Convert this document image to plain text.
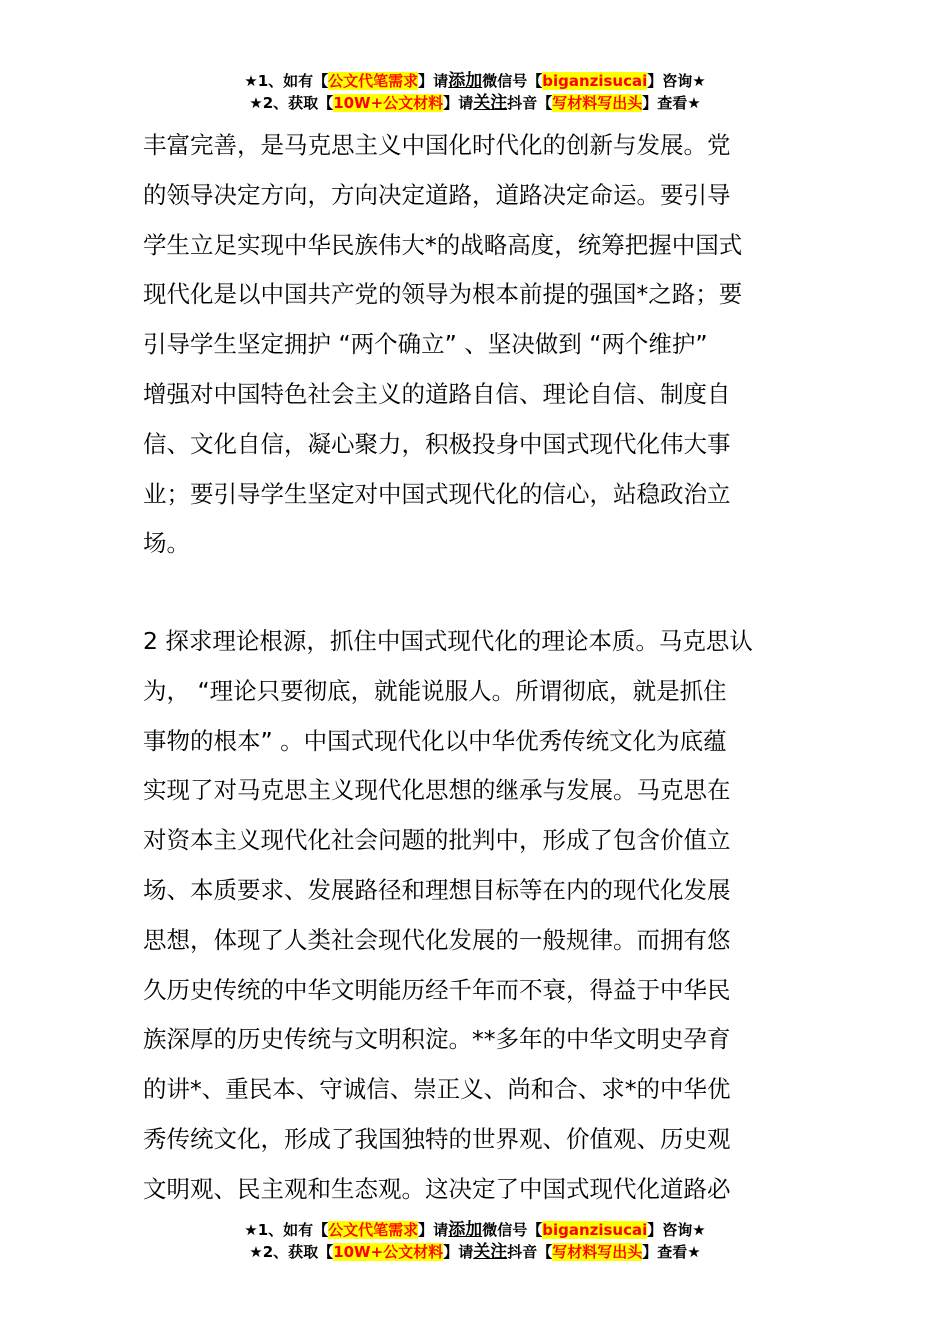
★1、如有【公文代笔需求】请添加微信号【biganzisucai】咨询★
★2、获取【10W+公文材料】请关注抖音【写材料写出头】查看★
丰富完善，是马克思主义中国化时代化的创新与发展。党
的领导决定方向，方向决定道路，道路决定命运。要引导
学生立足实现中华民族伟大*的战略高度，统筹把握中国式
现代化是以中国共产党的领导为根本前提的强国*之路；要
引导学生坚定拥护 “两个确立” 、坚决做到 “两个维护”
增强对中国特色社会主义的道路自信、理论自信、制度自
信、文化自信，凝心聚力，积极投身中国式现代化伟大事
业；要引导学生坚定对中国式现代化的信心，站稳政治立
场。
2 探求理论根源，抓住中国式现代化的理论本质。马克思认
为， “理论只要彻底，就能说服人。所谓彻底，就是抓住
事物的根本” 。中国式现代化以中华优秀传统文化为底蕴
实现了对马克思主义现代化思想的继承与发展。马克思在
对资本主义现代化社会问题的批判中，形成了包含价值立
场、本质要求、发展路径和理想目标等在内的现代化发展
思想，体现了人类社会现代化发展的一般规律。而拥有悠
久历史传统的中华文明能历经千年而不衰，得益于中华民
族深厚的历史传统与文明积淀。**多年的中华文明史孕育
的讲*、重民本、守诚信、崇正义、尚和合、求*的中华优
秀传统文化，形成了我国独特的世界观、价值观、历史观
文明观、民主观和生态观。这决定了中国式现代化道路必
★1、如有【公文代笔需求】请添加微信号【biganzisucai】咨询★
★2、获取【10W+公文材料】请关注抖音【写材料写出头】查看★
